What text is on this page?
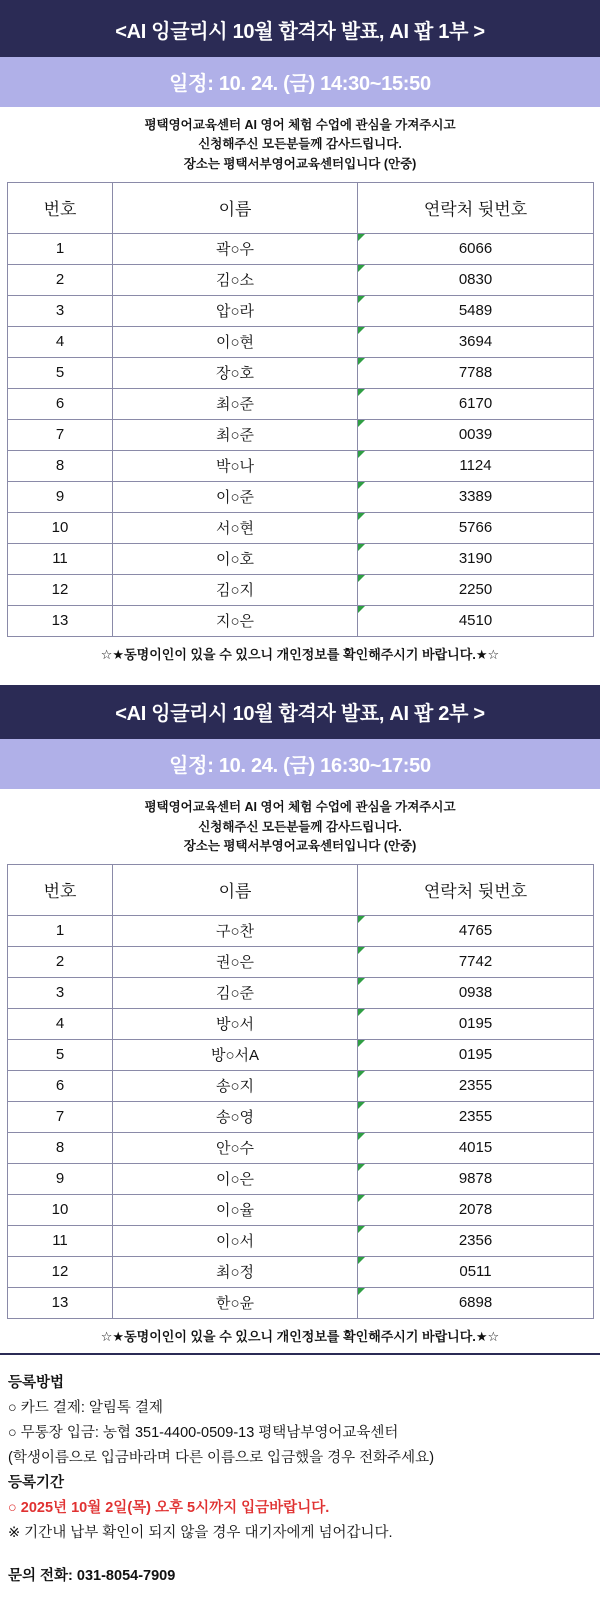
<AI 잉글리시 10월 합격자 발표, AI 팝 1부 >
일정: 10. 24. (금) 14:30~15:50
평택영어교육센터 AI 영어 체험 수업에 관심을 가져주시고
신청해주신 모든분들께 감사드립니다.
장소는 평택서부영어교육센터입니다 (안중)
번호	이름	연락처 뒷번호
1	곽○우	6066
2	김○소	0830
3	압○라	5489
4	이○현	3694
5	장○호	7788
6	최○준	6170
7	최○준	0039
8	박○나	1124
9	이○준	3389
10	서○현	5766
11	이○호	3190
12	김○지	2250
13	지○은	4510
☆★동명이인이 있을 수 있으니 개인정보를 확인해주시기 바랍니다.★☆
<AI 잉글리시 10월 합격자 발표, AI 팝 2부 >
일정: 10. 24. (금) 16:30~17:50
평택영어교육센터 AI 영어 체험 수업에 관심을 가져주시고
신청해주신 모든분들께 감사드립니다.
장소는 평택서부영어교육센터입니다 (안중)
번호	이름	연락처 뒷번호
1	구○찬	4765
2	권○은	7742
3	김○준	0938
4	방○서	0195
5	방○서A	0195
6	송○지	2355
7	송○영	2355
8	안○수	4015
9	이○은	9878
10	이○율	2078
11	이○서	2356
12	최○정	0511
13	한○윤	6898
☆★동명이인이 있을 수 있으니 개인정보를 확인해주시기 바랍니다.★☆
등록방법
○ 카드 결제: 알림톡 결제
○ 무통장 입금: 농협 351-4400-0509-13 평택남부영어교육센터
(학생이름으로 입금바라며 다른 이름으로 입금했을 경우 전화주세요)
등록기간
○ 2025년 10월 2일(목) 오후 5시까지 입금바랍니다.
※ 기간내 납부 확인이 되지 않을 경우 대기자에게 넘어갑니다.
문의 전화: 031-8054-7909
